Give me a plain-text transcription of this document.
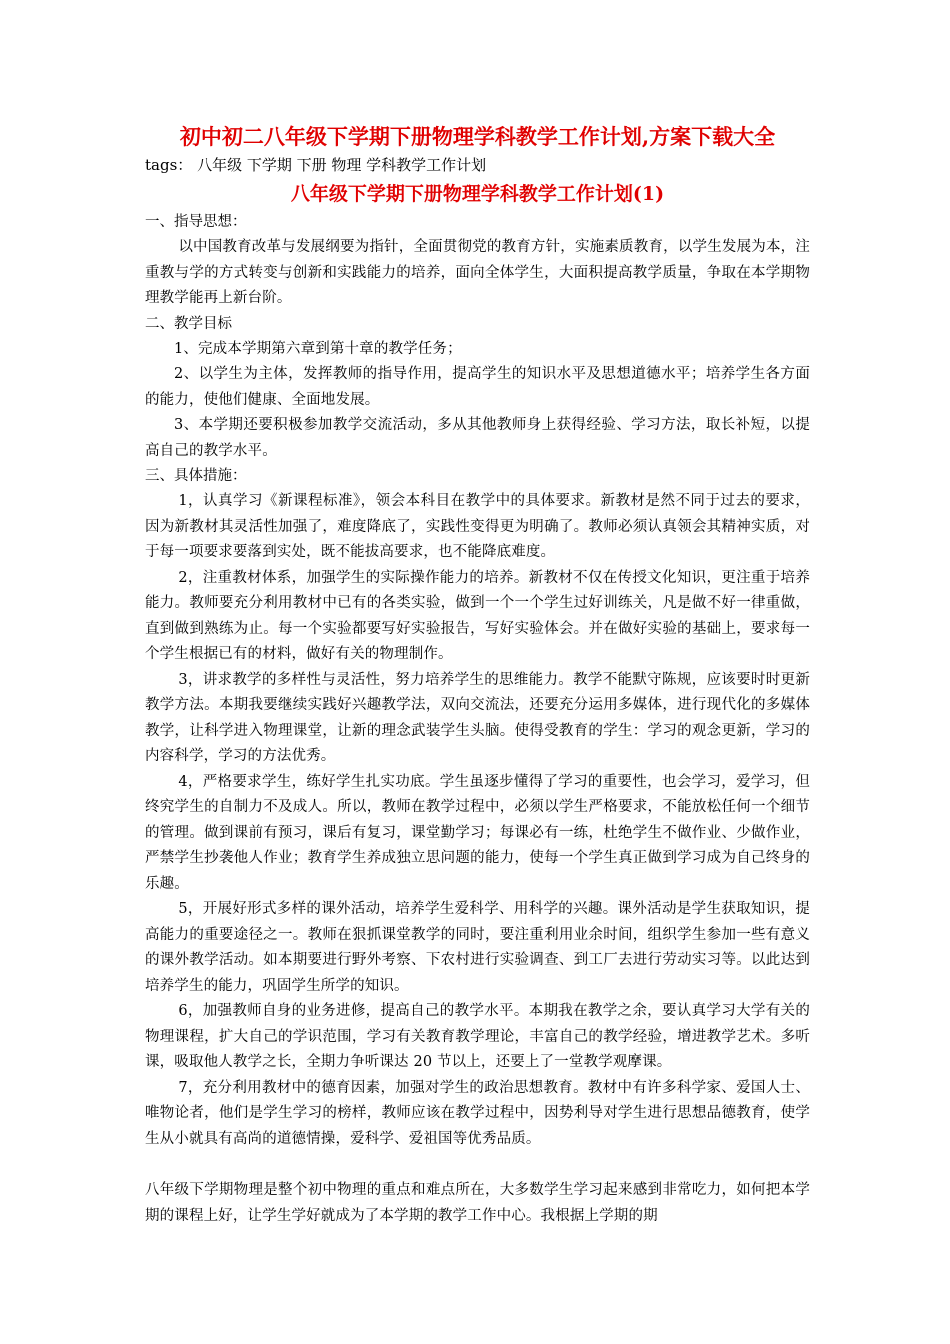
初中初二八年级下学期下册物理学科教学工作计划,方案下载大全
tags： 八年级 下学期 下册 物理 学科教学工作计划
八年级下学期下册物理学科教学工作计划(1)

一、指导思想：

以中国教育改革与发展纲要为指针，全面贯彻党的教育方针，实施素质教育，以学生发展为本，注重教与学的方式转变与创新和实践能力的培养，面向全体学生，大面积提高教学质量，争取在本学期物理教学能再上新台阶。

二、教学目标

1、完成本学期第六章到第十章的教学任务；

2、以学生为主体，发挥教师的指导作用，提高学生的知识水平及思想道德水平；培养学生各方面的能力，使他们健康、全面地发展。

3、本学期还要积极参加教学交流活动，多从其他教师身上获得经验、学习方法，取长补短，以提高自己的教学水平。

三、具体措施：

1，认真学习《新课程标准》，领会本科目在教学中的具体要求。新教材是然不同于过去的要求，因为新教材其灵活性加强了，难度降底了，实践性变得更为明确了。教师必须认真领会其精神实质，对于每一项要求要落到实处，既不能拔高要求，也不能降底难度。

2，注重教材体系，加强学生的实际操作能力的培养。新教材不仅在传授文化知识，更注重于培养能力。教师要充分利用教材中已有的各类实验，做到一个一个学生过好训练关，凡是做不好一律重做，直到做到熟练为止。每一个实验都要写好实验报告，写好实验体会。并在做好实验的基础上，要求每一个学生根据已有的材料，做好有关的物理制作。

3，讲求教学的多样性与灵活性，努力培养学生的思维能力。教学不能默守陈规，应该要时时更新教学方法。本期我要继续实践好兴趣教学法，双向交流法，还要充分运用多媒体，进行现代化的多媒体教学，让科学进入物理课堂，让新的理念武装学生头脑。使得受教育的学生：学习的观念更新，学习的内容科学，学习的方法优秀。

4，严格要求学生，练好学生扎实功底。学生虽逐步懂得了学习的重要性，也会学习，爱学习，但终究学生的自制力不及成人。所以，教师在教学过程中，必须以学生严格要求，不能放松任何一个细节的管理。做到课前有预习，课后有复习，课堂勤学习；每课必有一练，杜绝学生不做作业、少做作业，严禁学生抄袭他人作业；教育学生养成独立思问题的能力，使每一个学生真正做到学习成为自己终身的乐趣。

5，开展好形式多样的课外活动，培养学生爱科学、用科学的兴趣。课外活动是学生获取知识，提高能力的重要途径之一。教师在狠抓课堂教学的同时，要注重利用业余时间，组织学生参加一些有意义的课外教学活动。如本期要进行野外考察、下农村进行实验调查、到工厂去进行劳动实习等。以此达到培养学生的能力，巩固学生所学的知识。

6，加强教师自身的业务进修，提高自己的教学水平。本期我在教学之余，要认真学习大学有关的物理课程，扩大自己的学识范围，学习有关教育教学理论，丰富自己的教学经验，增进教学艺术。多听课，吸取他人教学之长，全期力争听课达 20 节以上，还要上了一堂教学观摩课。

7，充分利用教材中的德育因素，加强对学生的政治思想教育。教材中有许多科学家、爱国人士、唯物论者，他们是学生学习的榜样，教师应该在教学过程中，因势利导对学生进行思想品德教育，使学生从小就具有高尚的道德情操，爱科学、爱祖国等优秀品质。

八年级下学期物理是整个初中物理的重点和难点所在，大多数学生学习起来感到非常吃力，如何把本学期的课程上好，让学生学好就成为了本学期的教学工作中心。我根据上学期的期
